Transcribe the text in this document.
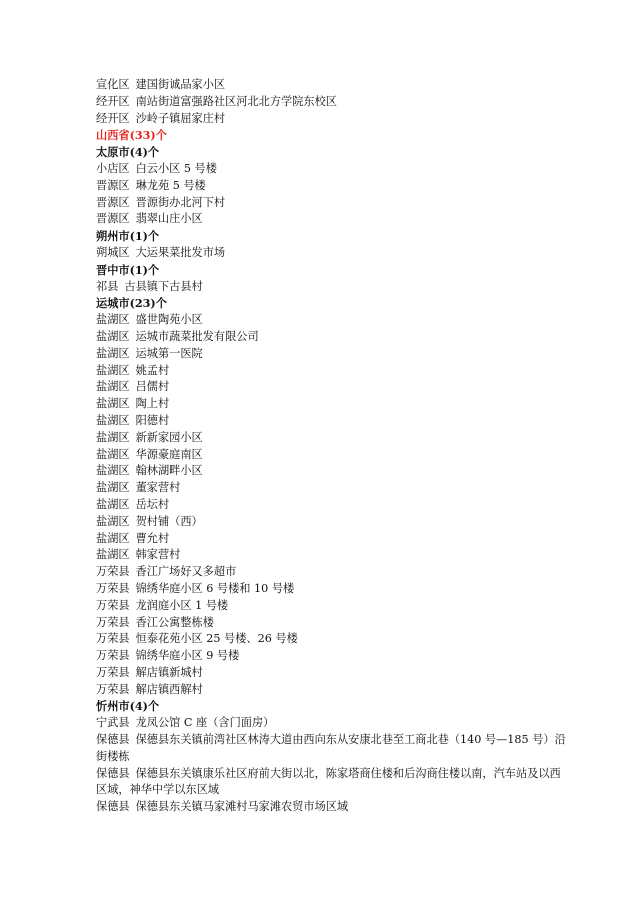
宣化区 建国街诚品家小区
经开区 南站街道富强路社区河北北方学院东校区
经开区 沙岭子镇屈家庄村
山西省(33)个
太原市(4)个
小店区 白云小区 5 号楼
晋源区 琳龙苑 5 号楼
晋源区 晋源街办北河下村
晋源区 翡翠山庄小区
朔州市(1)个
朔城区 大运果菜批发市场
晋中市(1)个
祁县 古县镇下古县村
运城市(23)个
盐湖区 盛世陶苑小区
盐湖区 运城市蔬菜批发有限公司
盐湖区 运城第一医院
盐湖区 姚孟村
盐湖区 吕儒村
盐湖区 陶上村
盐湖区 阳德村
盐湖区 新新家园小区
盐湖区 华源豪庭南区
盐湖区 翰林湖畔小区
盐湖区 董家营村
盐湖区 岳坛村
盐湖区 贺村铺（西）
盐湖区 曹允村
盐湖区 韩家营村
万荣县 香江广场好又多超市
万荣县 锦绣华庭小区 6 号楼和 10 号楼
万荣县 龙润庭小区 1 号楼
万荣县 香江公寓整栋楼
万荣县 恒泰花苑小区 25 号楼、26 号楼
万荣县 锦绣华庭小区 9 号楼
万荣县 解店镇新城村
万荣县 解店镇西解村
忻州市(4)个
宁武县 龙凤公馆 C 座（含门面房）
保德县 保德县东关镇前湾社区林涛大道由西向东从安康北巷至工商北巷（140 号—185 号）沿街楼栋
保德县 保德县东关镇康乐社区府前大街以北，陈家塔商住楼和后沟商住楼以南，汽车站及以西区域，神华中学以东区域
保德县 保德县东关镇马家滩村马家滩农贸市场区域
